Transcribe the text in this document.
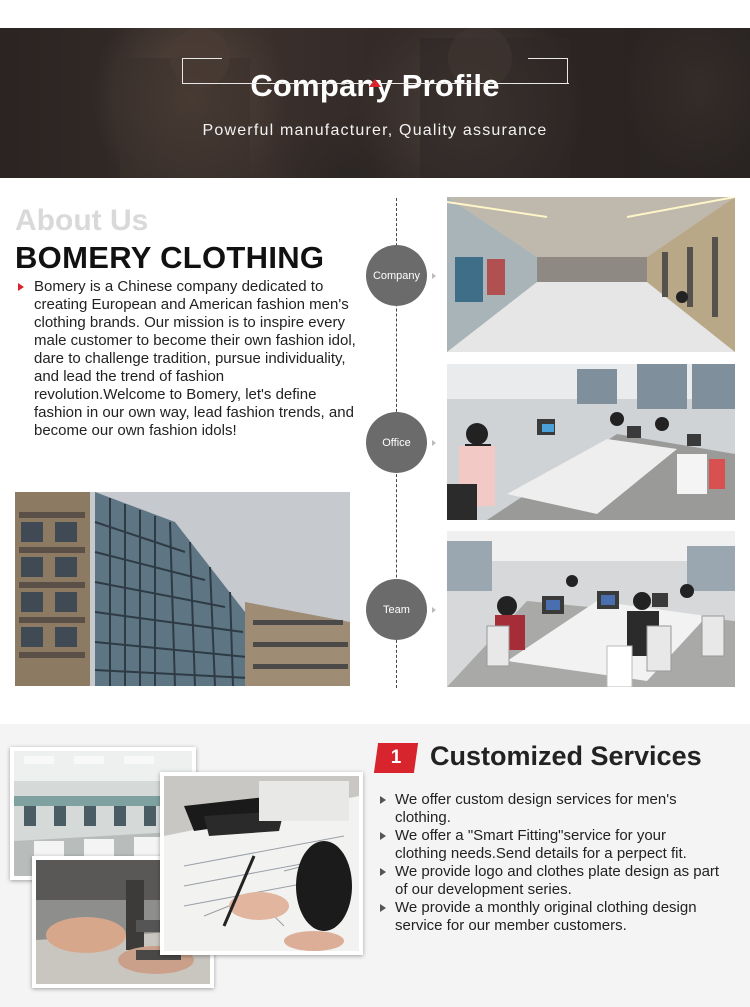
Company Profile
Powerful manufacturer, Quality assurance
About Us
BOMERY CLOTHING
Bomery is a Chinese company dedicated to creating European and American fashion men's clothing brands. Our mission is to inspire every male customer to become their own fashion idol, dare to challenge tradition, pursue individuality, and lead the trend of fashion revolution.Welcome to Bomery, let's define fashion in our own way, lead fashion trends, and become our own fashion idols!
Company
Office
Team
1	Customized Services
We offer custom design services for men's clothing.
We offer a "Smart Fitting"service for your clothing needs.Send details for a perpect fit.
We provide logo and clothes plate design as part of our development series.
We provide a monthly original clothing design service for our member customers.
